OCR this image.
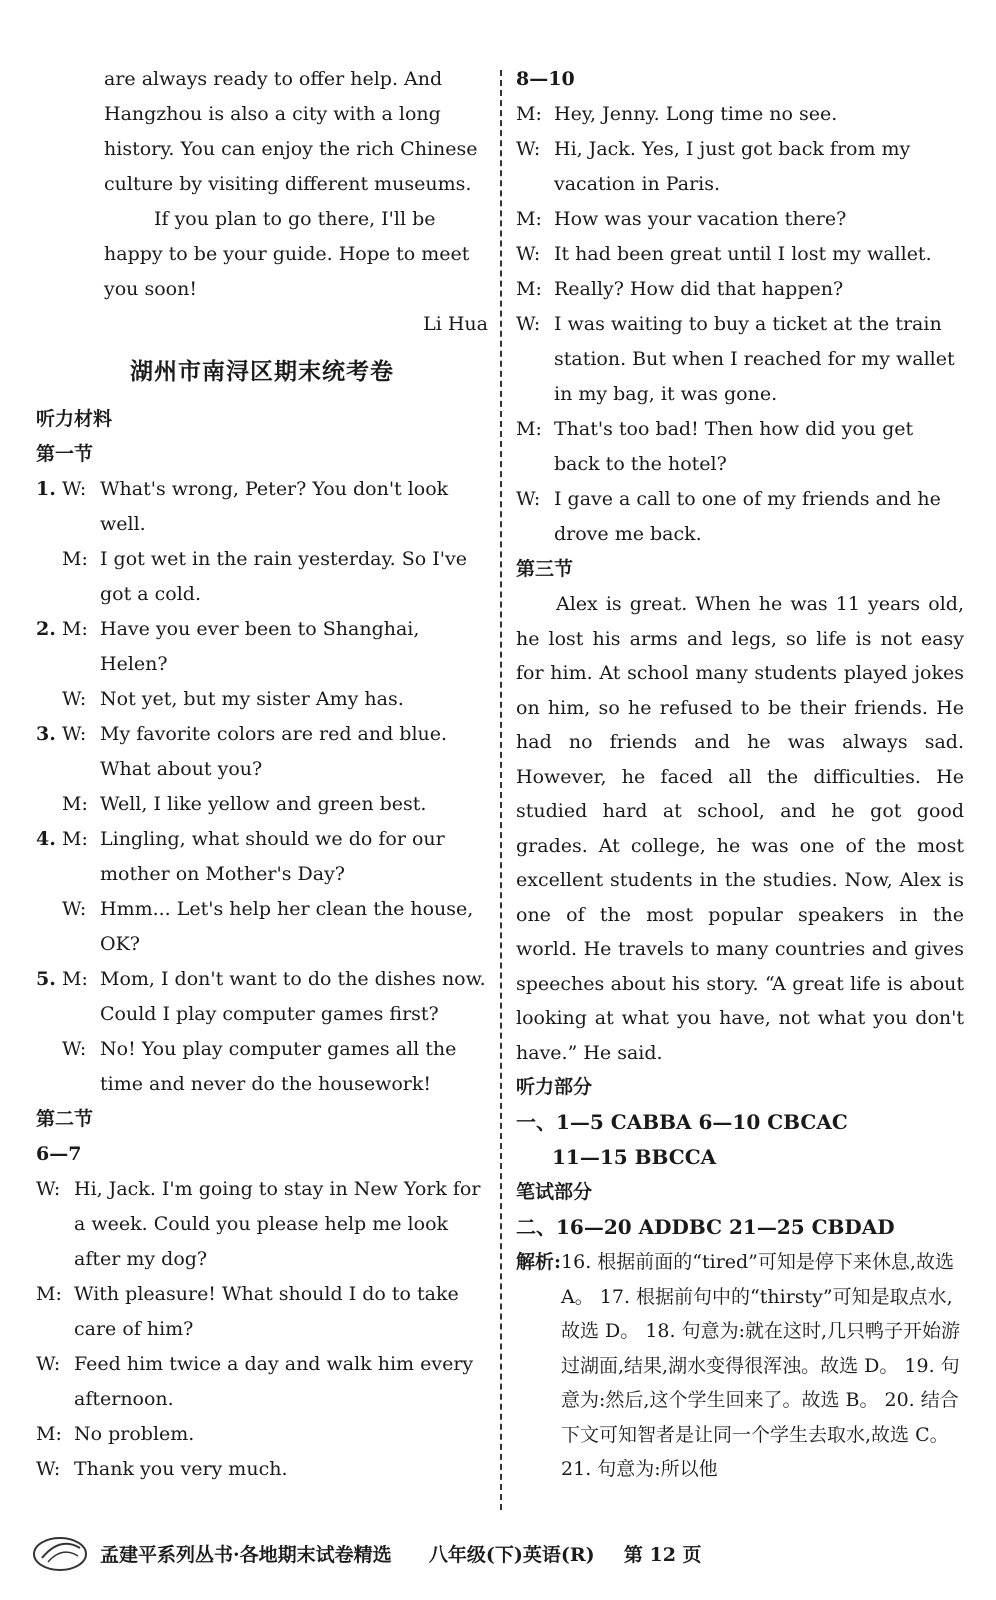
are always ready to offer help. And
Hangzhou is also a city with a long
history. You can enjoy the rich Chinese
culture by visiting different museums.
If you plan to go there, I'll be
happy to be your guide. Hope to meet
you soon!
Li Hua
湖州市南浔区期末统考卷
听力材料
第一节
1. W: What's wrong, Peter? You don't look well.
M: I got wet in the rain yesterday. So I've got a cold.
2. M: Have you ever been to Shanghai, Helen?
W: Not yet, but my sister Amy has.
3. W: My favorite colors are red and blue. What about you?
M: Well, I like yellow and green best.
4. M: Lingling, what should we do for our mother on Mother's Day?
W: Hmm... Let's help her clean the house, OK?
5. M: Mom, I don't want to do the dishes now. Could I play computer games first?
W: No! You play computer games all the time and never do the housework!
第二节
6—7
W: Hi, Jack. I'm going to stay in New York for a week. Could you please help me look after my dog?
M: With pleasure! What should I do to take care of him?
W: Feed him twice a day and walk him every afternoon.
M: No problem.
W: Thank you very much.
8—10
M: Hey, Jenny. Long time no see.
W: Hi, Jack. Yes, I just got back from my vacation in Paris.
M: How was your vacation there?
W: It had been great until I lost my wallet.
M: Really? How did that happen?
W: I was waiting to buy a ticket at the train station. But when I reached for my wallet in my bag, it was gone.
M: That's too bad! Then how did you get back to the hotel?
W: I gave a call to one of my friends and he drove me back.
第三节
Alex is great. When he was 11 years old, he lost his arms and legs, so life is not easy for him. At school many students played jokes on him, so he refused to be their friends. He had no friends and he was always sad. However, he faced all the difficulties. He studied hard at school, and he got good grades. At college, he was one of the most excellent students in the studies. Now, Alex is one of the most popular speakers in the world. He travels to many countries and gives speeches about his story. “A great life is about looking at what you have, not what you don't have.” He said.
听力部分
一、1—5 CABBA 6—10 CBCAC
11—15 BBCCA
笔试部分
二、16—20 ADDBC 21—25 CBDAD
解析: 16. 根据前面的“tired”可知是停下来休息,故选 A。 17. 根据前句中的“thirsty”可知是取点水,故选 D。 18. 句意为:就在这时,几只鸭子开始游过湖面,结果,湖水变得很浑浊。故选 D。 19. 句意为:然后,这个学生回来了。故选 B。 20. 结合下文可知智者是让同一个学生去取水,故选 C。 21. 句意为:所以他
孟建平系列丛书·各地期末试卷精选 八年级(下)英语(R) 第 12 页
